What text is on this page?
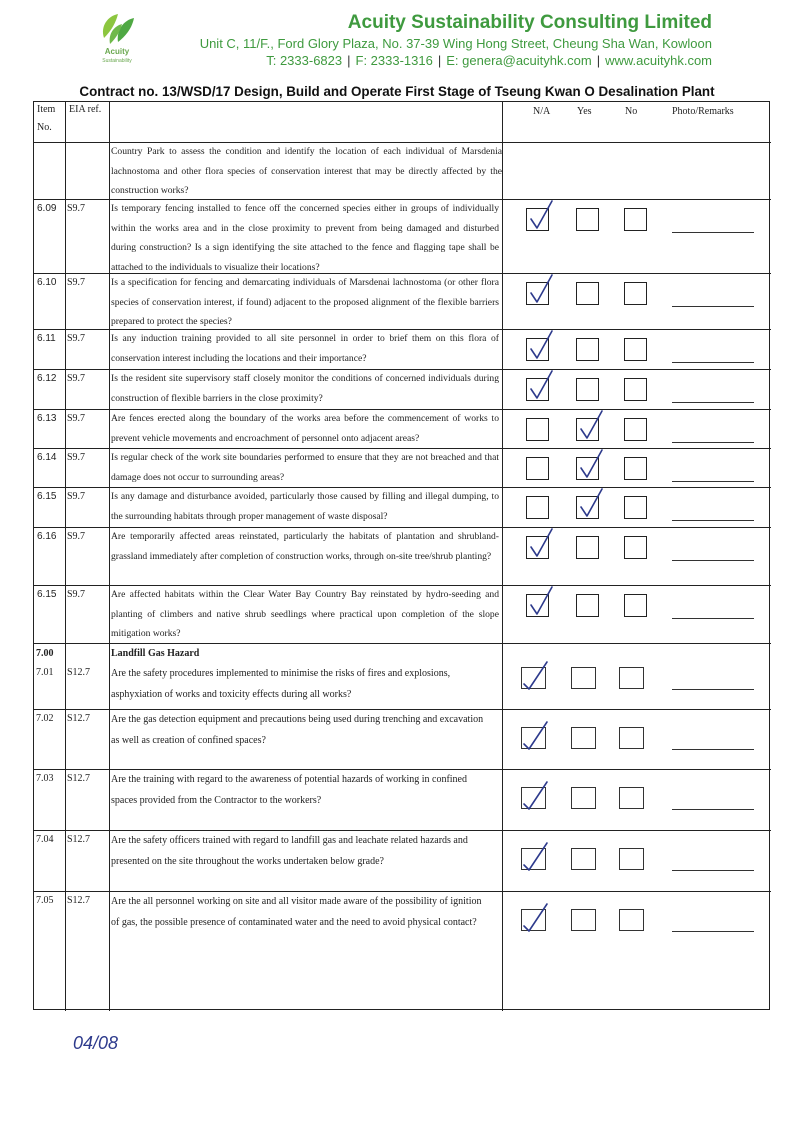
Acuity
Sustainability
Acuity Sustainability Consulting Limited
Unit C, 11/F., Ford Glory Plaza, No. 37-39 Wing Hong Street, Cheung Sha Wan, Kowloon
T: 2333-6823 | F: 2333-1316 | E: genera@acuityhk.com | www.acuityhk.com
Contract no. 13/WSD/17 Design, Build and Operate First Stage of Tseung Kwan O Desalination Plant
Item
No.
EIA ref.	N/A	Yes	No	Photo/Remarks
Country Park to assess the condition and identify the location of each individual of Marsdenia lachnostoma and other flora species of conservation interest that may be directly affected by the construction works?
6.09 S9.7	Is temporary fencing installed to fence off the concerned species either in groups of individually within the works area and in the close proximity to prevent from being damaged and disturbed during construction? Is a sign identifying the site attached to the fence and flagging tape shall be attached to the individuals to visualize their locations?
6.10 S9.7	Is a specification for fencing and demarcating individuals of Marsdenai lachnostoma (or other flora species of conservation interest, if found) adjacent to the proposed alignment of the flexible barriers prepared to protect the species?
6.11 S9.7	Is any induction training provided to all site personnel in order to brief them on this flora of conservation interest including the locations and their importance?
6.12 S9.7	Is the resident site supervisory staff closely monitor the conditions of concerned individuals during construction of flexible barriers in the close proximity?
6.13 S9.7	Are fences erected along the boundary of the works area before the commencement of works to prevent vehicle movements and encroachment of personnel onto adjacent areas?
6.14 S9.7	Is regular check of the work site boundaries performed to ensure that they are not breached and that damage does not occur to surrounding areas?
6.15 S9.7	Is any damage and disturbance avoided, particularly those caused by filling and illegal dumping, to the surrounding habitats through proper management of waste disposal?
6.16 S9.7	Are temporarily affected areas reinstated, particularly the habitats of plantation and shrubland-grassland immediately after completion of construction works, through on-site tree/shrub planting?
6.15 S9.7	Are affected habitats within the Clear Water Bay Country Bay reinstated by hydro-seeding and planting of climbers and native shrub seedlings where practical upon completion of the slope mitigation works?
7.00	Landfill Gas Hazard
7.01 S12.7 Are the safety procedures implemented to minimise the risks of fires and explosions, asphyxiation of works and toxicity effects during all works?
7.02 S12.7 Are the gas detection equipment and precautions being used during trenching and excavation as well as creation of confined spaces?
7.03 S12.7 Are the training with regard to the awareness of potential hazards of working in confined spaces provided from the Contractor to the workers?
7.04 S12.7 Are the safety officers trained with regard to landfill gas and leachate related hazards and presented on the site throughout the works undertaken below grade?
7.05 S12.7 Are the all personnel working on site and all visitor made aware of the possibility of ignition of gas, the possible presence of contaminated water and the need to avoid physical contact?
04/08
